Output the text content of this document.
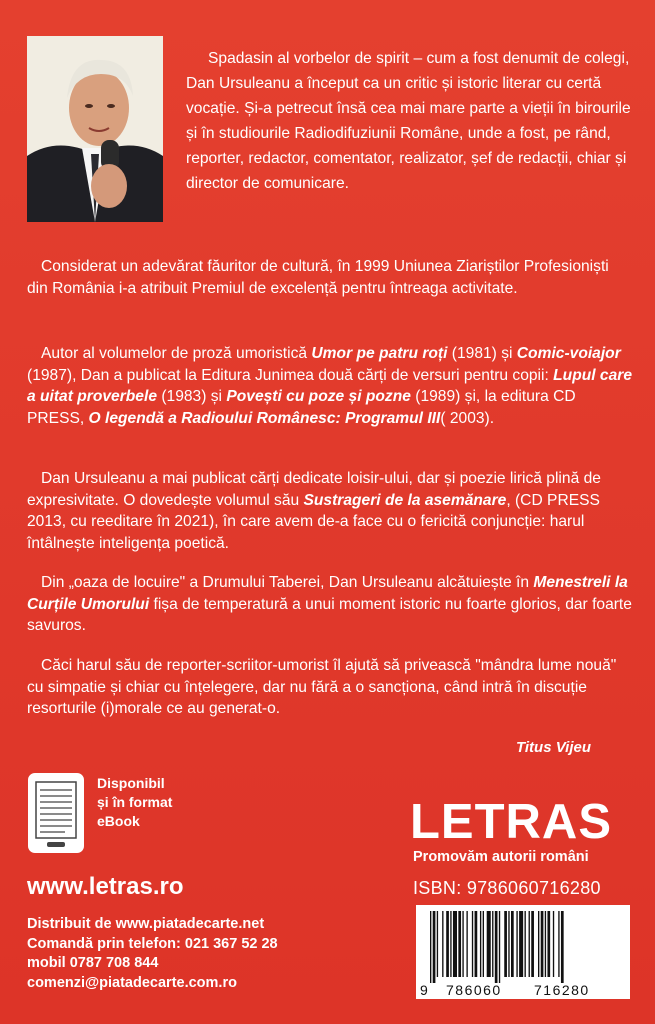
Spadasin al vorbelor de spirit – cum a fost denumit de colegi, Dan Ursuleanu a început ca un critic și istoric literar cu certă vocație. Și-a petrecut însă cea mai mare parte a vieții în birourile și în studiourile Radiodifuziunii Române, unde a fost, pe rând, reporter, redactor, comentator, realizator, șef de redacții, chiar și director de comunicare.

Considerat un adevărat făuritor de cultură, în 1999 Uniunea Ziariștilor Profesioniști din România i-a atribuit Premiul de excelență pentru întreaga activitate.

Autor al volumelor de proză umoristică Umor pe patru roți (1981) și Comic-voiajor (1987), Dan a publicat la Editura Junimea două cărți de versuri pentru copii: Lupul care a uitat proverbele (1983) și Povești cu poze și pozne (1989) și, la editura CD PRESS, O legendă a Radioului Românesc: Programul III( 2003).

Dan Ursuleanu a mai publicat cărți dedicate loisir-ului, dar și poezie lirică plină de expresivitate. O dovedește volumul său Sustrageri de la asemănare, (CD PRESS 2013, cu reeditare în 2021), în care avem de-a face cu o fericită conjuncție: harul întâlnește inteligența poetică.

Din „oaza de locuire" a Drumului Taberei, Dan Ursuleanu alcătuiește în Menestreli la Curțile Umorului fișa de temperatură a unui moment istoric nu foarte glorios, dar foarte savuros.

Căci harul său de reporter-scriitor-umorist îl ajută să privească "mândra lume nouă" cu simpatie și chiar cu înțelegere, dar nu fără a o sancționa, când intră în discuție resorturile (i)morale ce au generat-o.

Titus Vijeu
Disponibil
și în format
eBook	LETRAS
Promovăm autorii români
ISBN: 9786060716280
www.letras.ro
Distribuit de www.piatadecarte.net
Comandă prin telefon: 021 367 52 28
mobil 0787 708 844
comenzi@piatadecarte.com.ro	9 786060 716280
